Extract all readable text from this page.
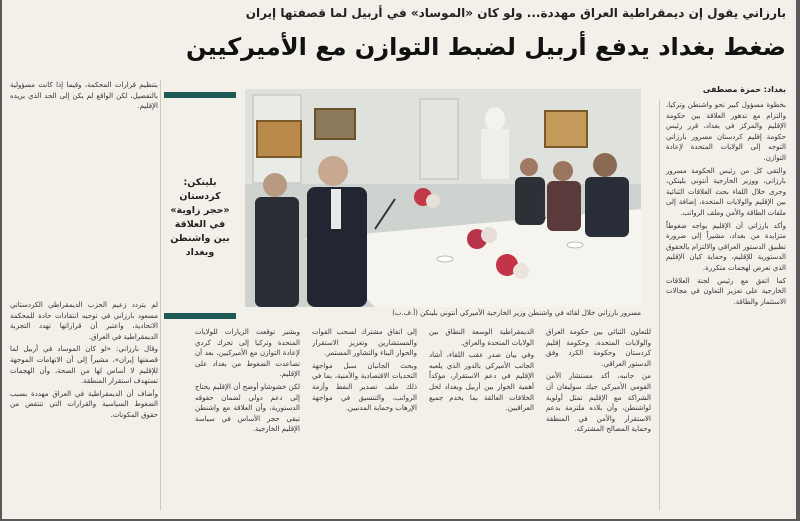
بارزاني يقول إن ديمقراطية العراق مهددة... ولو كان «الموساد» في أربيل لما قصفتها إيران
ضغط بغداد يدفع أربيل لضبط التوازن مع الأميركيين
بغداد: حمزة مصطفى

بخطوة مسؤول كبير نحو واشنطن وتركيا، والتزام مع تدهور العلاقة بين حكومة الإقليم والمركز في بغداد، قرر رئيس حكومة إقليم كردستان مسرور بارزاني التوجه إلى الولايات المتحدة لإعادة التوازن.

والتقى كل من رئيس الحكومة مسرور بارزاني، ووزير الخارجية أنتوني بلينكن، وجرى خلال اللقاء بحث العلاقات الثنائية بين الإقليم والولايات المتحدة، إضافة إلى ملفات الطاقة والأمن وملف الرواتب.

وأكد بارزاني أن الإقليم يواجه ضغوطاً متزايدة من بغداد، مشيراً إلى ضرورة تطبيق الدستور العراقي والالتزام بالحقوق الدستورية للإقليم، وحماية كيان الإقليم الذي تعرض لهجمات متكررة.

كما اتفق مع رئيس لجنة العلاقات الخارجية على تعزيز التعاون في مجالات الاستثمار والطاقة.

مسرور بارزاني خلال لقائه في واشنطن وزير الخارجية الأميركي أنتوني بلينكن (أ.ف.ب)
بلينكن: كردستان
«حجر زاوية» في العلاقة
بين واشنطن وبغداد

بتنظيم قرارات المحكمة، وقيما إذا كانت مسؤولية بالتفصيل، لكن الواقع لم يكن إلى الحد الذي يريده الإقليم.

لم يتردد زعيم الحزب الديمقراطي الكردستاني مسعود بارزاني في توجيه انتقادات حادة للمحكمة الاتحادية، واعتبر أن قراراتها تهدد التجربة الديمقراطية في العراق.

وقال بارزاني: «لو كان الموساد في أربيل لما قصفتها إيران»، مشيراً إلى أن الاتهامات الموجهة للإقليم لا أساس لها من الصحة، وأن الهجمات تستهدف استقرار المنطقة.

وأضاف أن الديمقراطية في العراق مهددة بسبب الضغوط السياسية والقرارات التي تنتقص من حقوق المكونات.

للتعاون الثنائي بين حكومة العراق والولايات المتحدة، وحكومة إقليم كردستان وحكومة الكرد وفق الدستور العراقي.

من جانبه، أكد مستشار الأمن القومي الأميركي جيك سوليفان أن الشراكة مع الإقليم تمثل أولوية لواشنطن، وأن بلاده ملتزمة بدعم الاستقرار والأمن في المنطقة وحماية المصالح المشتركة.

الديمقراطية الوسعة النطاق بين الولايات المتحدة والعراق.

وفي بيان صدر عقب اللقاء، أشاد الجانب الأميركي بالدور الذي يلعبه الإقليم في دعم الاستقرار، مؤكداً أهمية الحوار بين أربيل وبغداد لحل الخلافات العالقة بما يخدم جميع العراقيين.

إلى اتفاق مشترك لسحب القوات والمستشارين وتعزيز الاستقرار والحوار البناء والتشاور المستمر.

وبحث الجانبان سبل مواجهة التحديات الاقتصادية والأمنية، بما في ذلك ملف تصدير النفط وأزمة الرواتب، والتنسيق في مواجهة الإرهاب وحماية المدنيين.

وبشير توقعت الزيارات للولايات المتحدة وتركيا إلى تحرك كردي لإعادة التوازن مع الأميركيين، بعد أن تصاعدت الضغوط من بغداد على الإقليم.

لكن خشوشاو أوضح أن الإقليم يحتاج إلى دعم دولي لضمان حقوقه الدستورية، وأن العلاقة مع واشنطن تبقى حجر الأساس في سياسة الإقليم الخارجية.
